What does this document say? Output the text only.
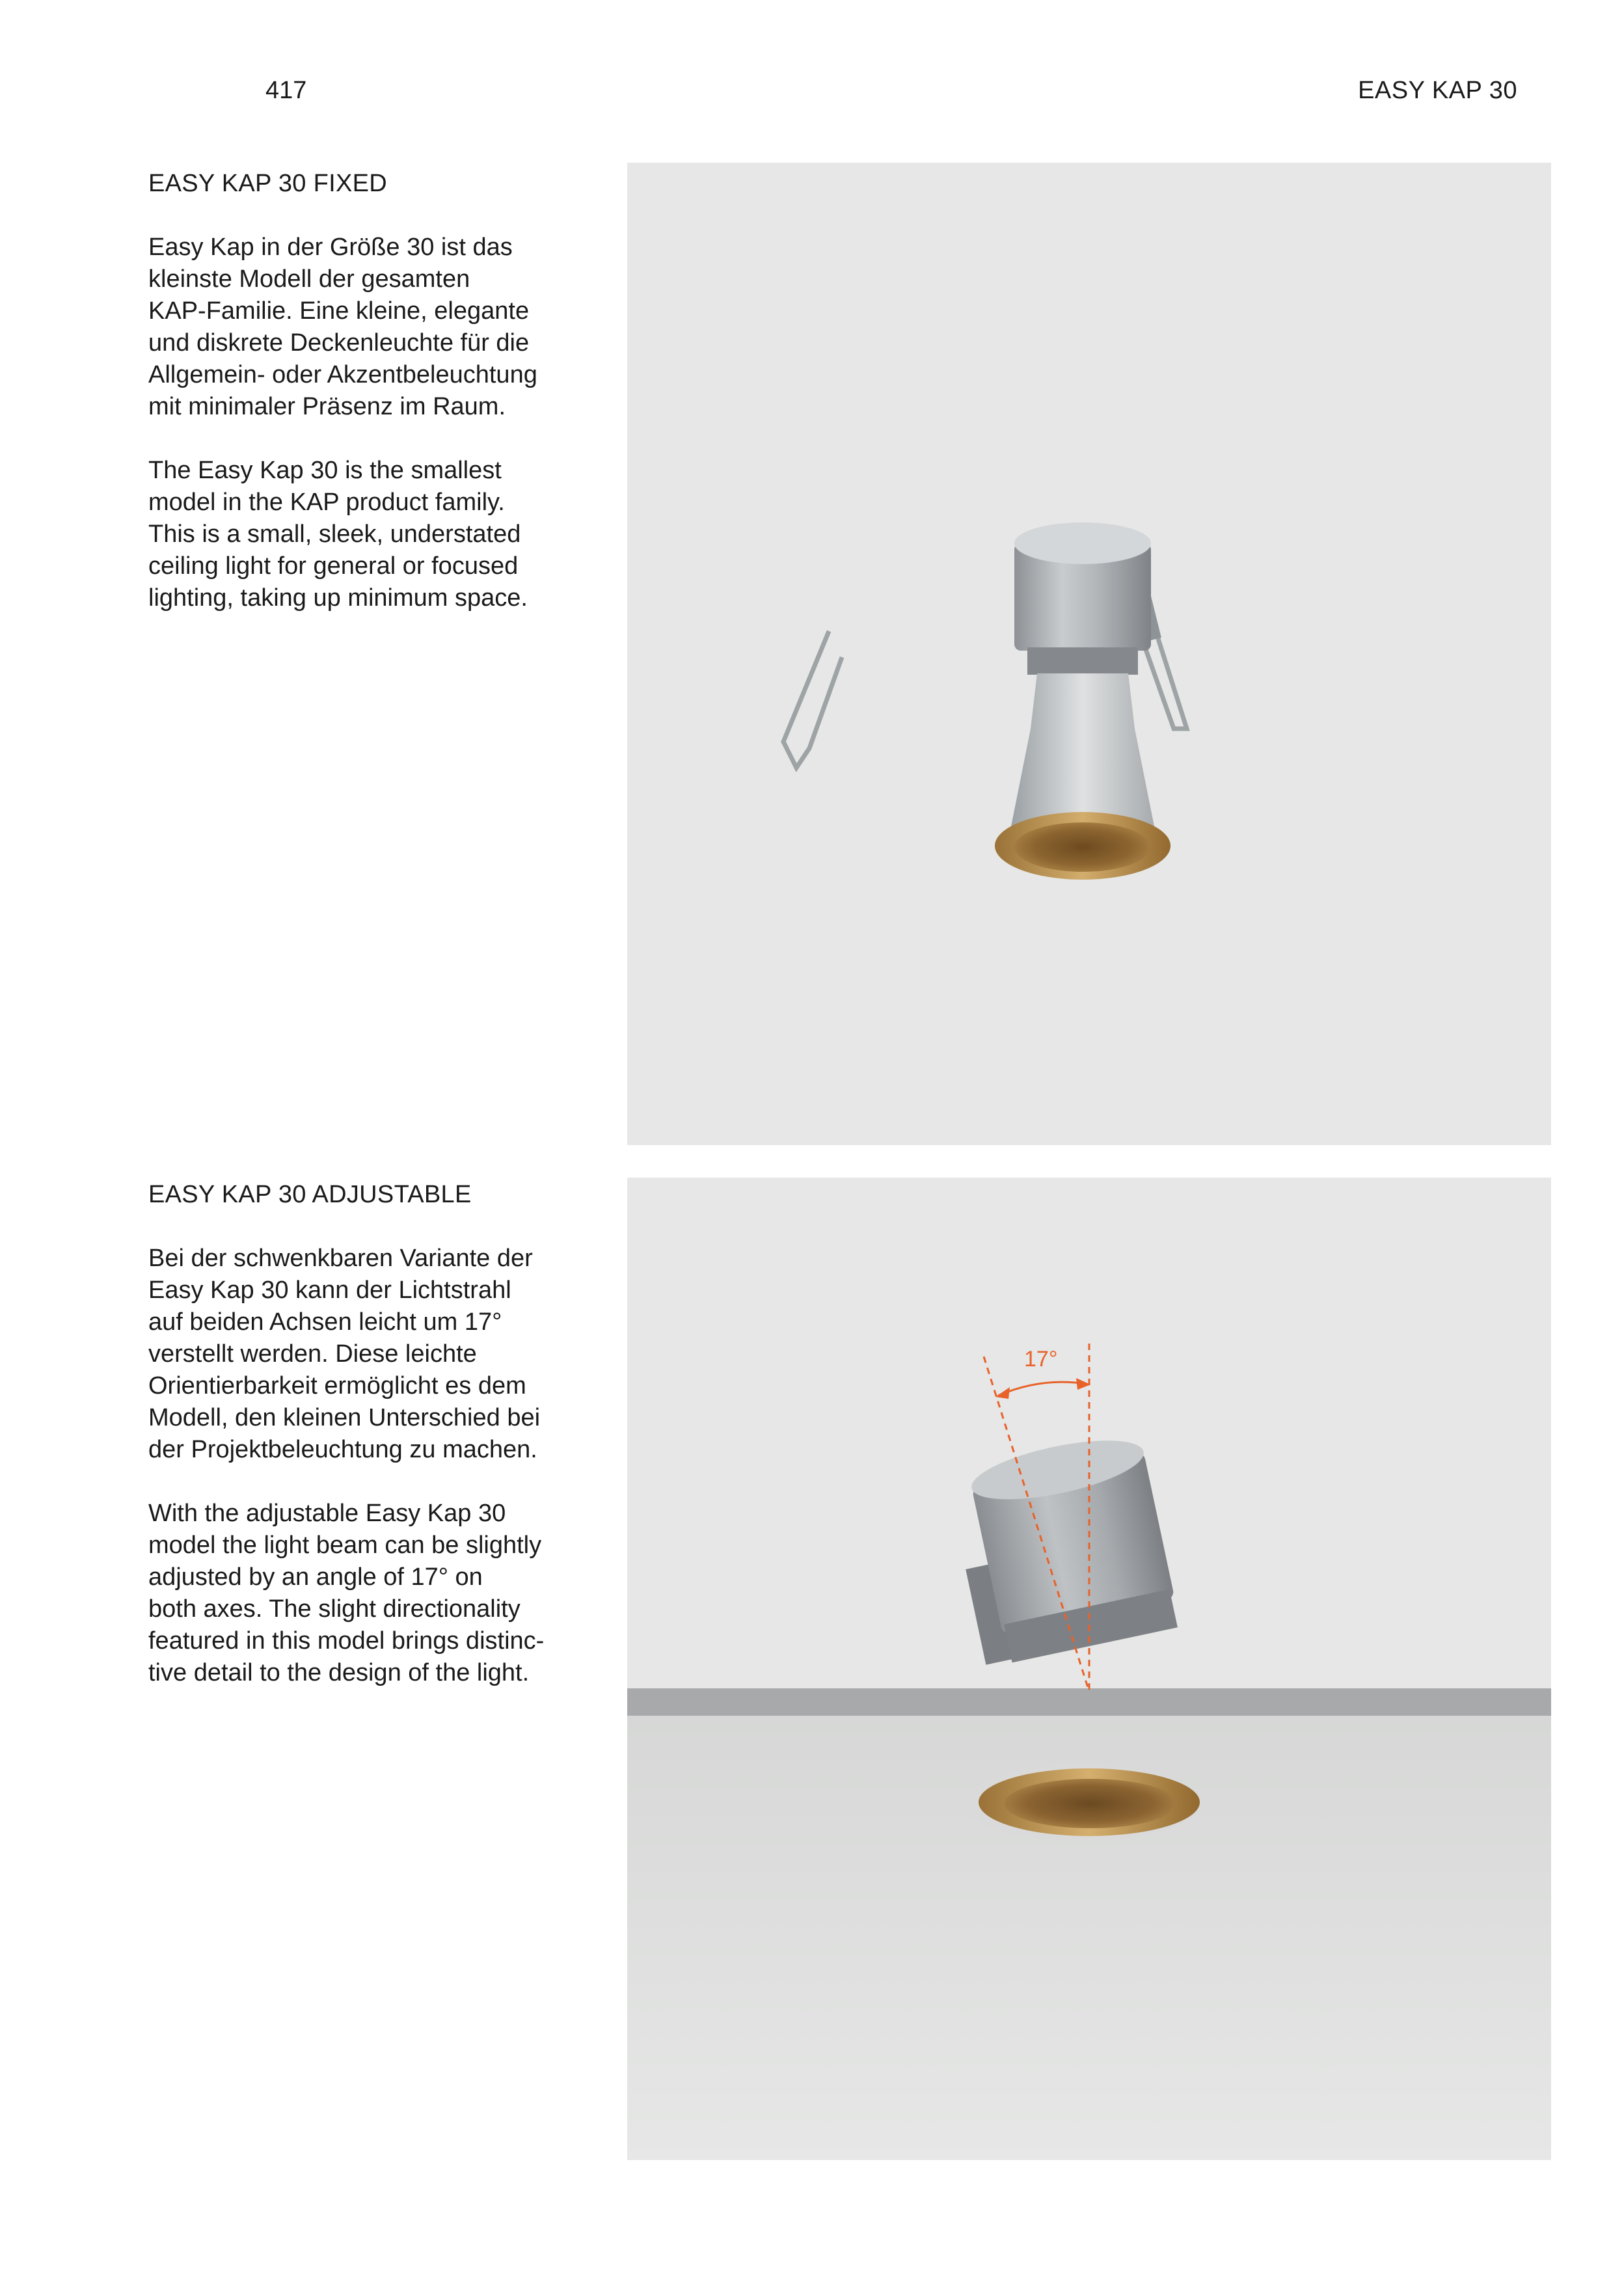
417	EASY KAP 30
EASY KAP 30 FIXED

Easy Kap in der Größe 30 ist das
kleinste Modell der gesamten
KAP-Familie. Eine kleine, elegante
und diskrete Deckenleuchte für die
Allgemein- oder Akzentbeleuchtung
mit minimaler Präsenz im Raum.

The Easy Kap 30 is the smallest
model in the KAP product family.
This is a small, sleek, understated
ceiling light for general or focused
lighting, taking up minimum space.

EASY KAP 30 ADJUSTABLE

Bei der schwenkbaren Variante der
Easy Kap 30 kann der Lichtstrahl
auf beiden Achsen leicht um 17°
verstellt werden. Diese leichte
Orientierbarkeit ermöglicht es dem
Modell, den kleinen Unterschied bei
der Projektbeleuchtung zu machen.

With the adjustable Easy Kap 30
model the light beam can be slightly
adjusted by an angle of 17° on
both axes. The slight directionality
featured in this model brings distinc-
tive detail to the design of the light.

17°
